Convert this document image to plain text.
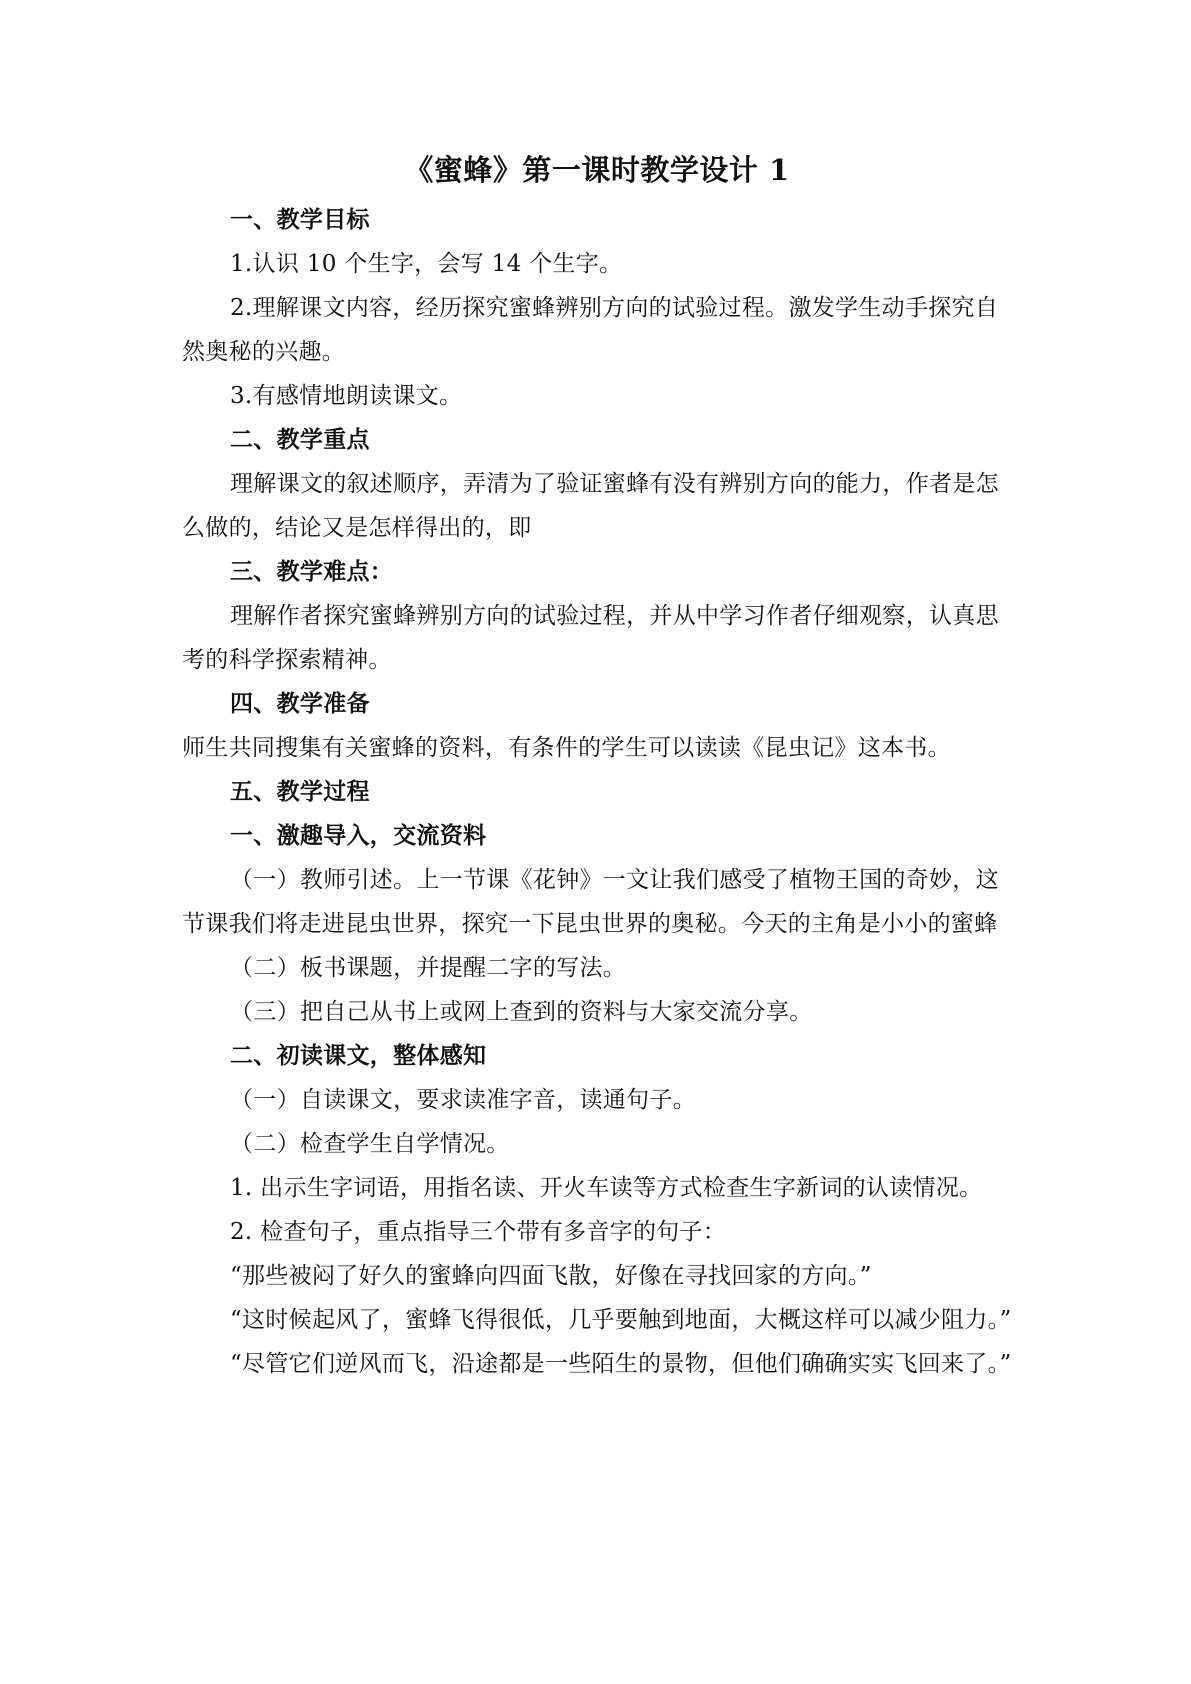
《蜜蜂》第一课时教学设计 1
一、教学目标
1.认识 10 个生字，会写 14 个生字。
2.理解课文内容，经历探究蜜蜂辨别方向的试验过程。激发学生动手探究自然奥秘的兴趣。
3.有感情地朗读课文。
二、教学重点
理解课文的叙述顺序，弄清为了验证蜜蜂有没有辨别方向的能力，作者是怎么做的，结论又是怎样得出的，即
三、教学难点：
理解作者探究蜜蜂辨别方向的试验过程，并从中学习作者仔细观察，认真思考的科学探索精神。
四、教学准备
师生共同搜集有关蜜蜂的资料，有条件的学生可以读读《昆虫记》这本书。
五、教学过程
一、激趣导入，交流资料
（一）教师引述。上一节课《花钟》一文让我们感受了植物王国的奇妙，这节课我们将走进昆虫世界，探究一下昆虫世界的奥秘。今天的主角是小小的蜜蜂
（二）板书课题，并提醒二字的写法。
（三）把自己从书上或网上查到的资料与大家交流分享。
二、初读课文，整体感知
（一）自读课文，要求读准字音，读通句子。
（二）检查学生自学情况。
1. 出示生字词语，用指名读、开火车读等方式检查生字新词的认读情况。
2. 检查句子，重点指导三个带有多音字的句子：
“那些被闷了好久的蜜蜂向四面飞散，好像在寻找回家的方向。”
“这时候起风了，蜜蜂飞得很低，几乎要触到地面，大概这样可以减少阻力。”
“尽管它们逆风而飞，沿途都是一些陌生的景物，但他们确确实实飞回来了。”
